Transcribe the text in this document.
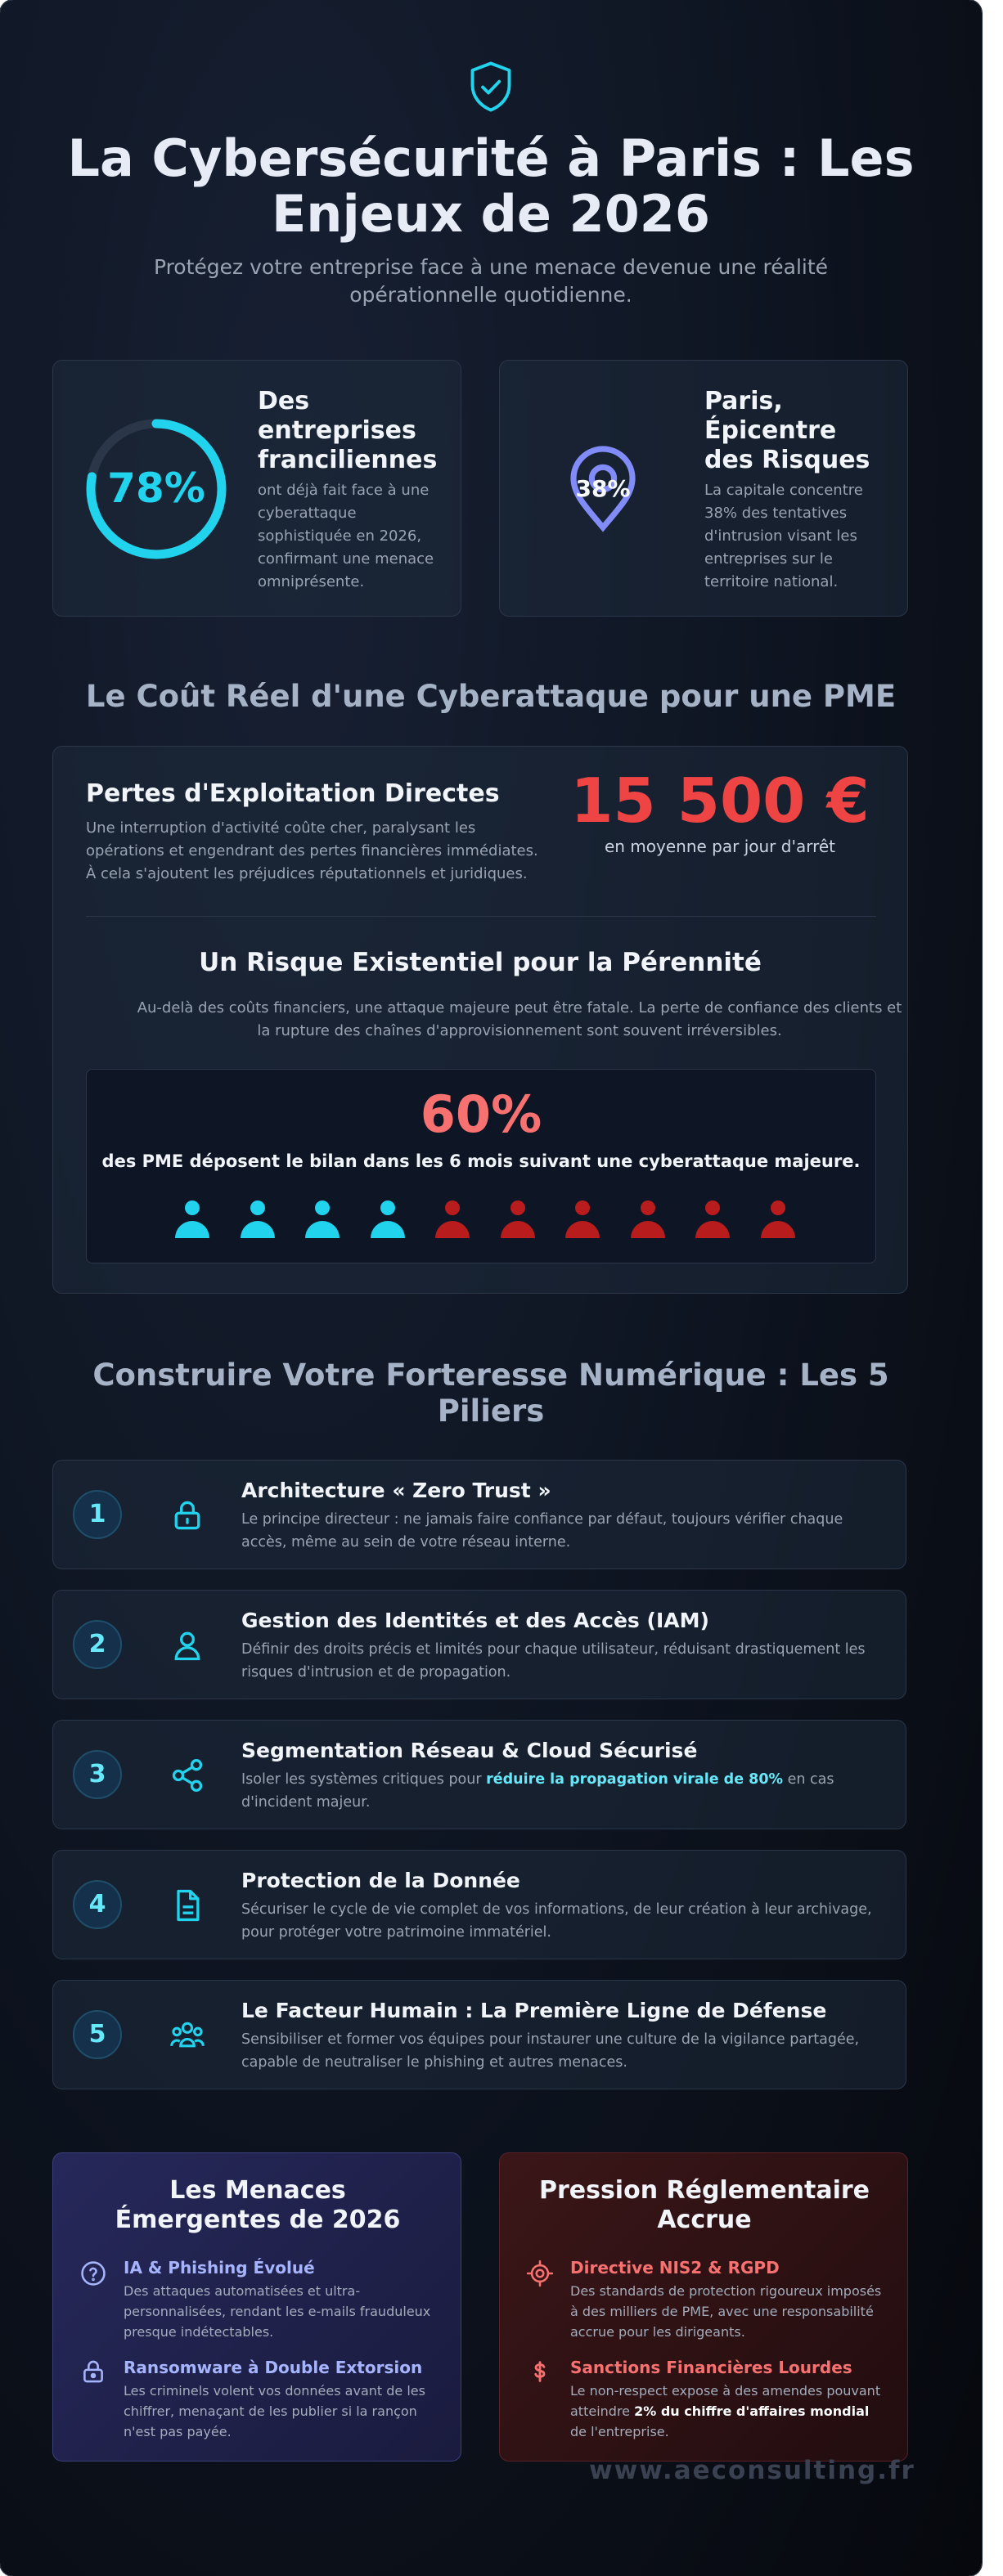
La Cybersécurité à Paris : Les Enjeux de 2026
Protégez votre entreprise face à une menace devenue une réalité opérationnelle quotidienne.
78%
Des entreprises franciliennes
ont déjà fait face à une cyberattaque sophistiquée en 2026, confirmant une menace omniprésente.
38%
Paris, Épicentre des Risques
La capitale concentre 38% des tentatives d'intrusion visant les entreprises sur le territoire national.
Le Coût Réel d'une Cyberattaque pour une PME
Pertes d'Exploitation Directes
Une interruption d'activité coûte cher, paralysant les opérations et engendrant des pertes financières immédiates. À cela s'ajoutent les préjudices réputationnels et juridiques.
15 500 €
en moyenne par jour d'arrêt
Un Risque Existentiel pour la Pérennité
Au-delà des coûts financiers, une attaque majeure peut être fatale. La perte de confiance des clients et la rupture des chaînes d'approvisionnement sont souvent irréversibles.
60%
des PME déposent le bilan dans les 6 mois suivant une cyberattaque majeure.
Construire Votre Forteresse Numérique : Les 5 Piliers
1
Architecture « Zero Trust »
Le principe directeur : ne jamais faire confiance par défaut, toujours vérifier chaque accès, même au sein de votre réseau interne.
2
Gestion des Identités et des Accès (IAM)
Définir des droits précis et limités pour chaque utilisateur, réduisant drastiquement les risques d'intrusion et de propagation.
3
Segmentation Réseau & Cloud Sécurisé
Isoler les systèmes critiques pour réduire la propagation virale de 80% en cas d'incident majeur.
4
Protection de la Donnée
Sécuriser le cycle de vie complet de vos informations, de leur création à leur archivage, pour protéger votre patrimoine immatériel.
5
Le Facteur Humain : La Première Ligne de Défense
Sensibiliser et former vos équipes pour instaurer une culture de la vigilance partagée, capable de neutraliser le phishing et autres menaces.
Les Menaces Émergentes de 2026
IA & Phishing Évolué
Des attaques automatisées et ultra-personnalisées, rendant les e-mails frauduleux presque indétectables.
Ransomware à Double Extorsion
Les criminels volent vos données avant de les chiffrer, menaçant de les publier si la rançon n'est pas payée.
Pression Réglementaire Accrue
Directive NIS2 & RGPD
Des standards de protection rigoureux imposés à des milliers de PME, avec une responsabilité accrue pour les dirigeants.
Sanctions Financières Lourdes
Le non-respect expose à des amendes pouvant atteindre 2% du chiffre d'affaires mondial de l'entreprise.
www.aeconsulting.fr
